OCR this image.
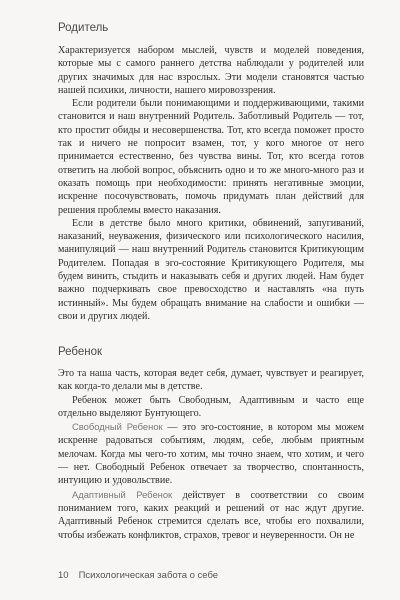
Родитель

Характеризуется набором мыслей, чувств и моделей поведения, которые мы с самого раннего детства наблюдали у родителей или других значимых для нас взрослых. Эти модели становятся частью нашей психики, личности, нашего мировоззрения.

Если родители были понимающими и поддерживающими, такими становится и наш внутренний Родитель. Заботливый Родитель — тот, кто простит обиды и несовершенства. Тот, кто всегда поможет просто так и ничего не попросит взамен, тот, у кого многое от него принимается естественно, без чувства вины. Тот, кто всегда готов ответить на любой вопрос, объяснить одно и то же много-много раз и оказать помощь при необходимости: принять негативные эмоции, искренне посочувствовать, помочь придумать план действий для решения проблемы вместо наказания.

Если в детстве было много критики, обвинений, запугиваний, наказаний, неуважения, физического или психологического насилия, манипуляций — наш внутренний Родитель становится Критикующим Родителем. Попадая в эго-состояние Критикующего Родителя, мы будем винить, стыдить и наказывать себя и других людей. Нам будет важно подчеркивать свое превосходство и наставлять «на путь истинный». Мы будем обращать внимание на слабости и ошибки — свои и других людей.

Ребенок

Это та наша часть, которая ведет себя, думает, чувствует и реагирует, как когда-то делали мы в детстве.

Ребенок может быть Свободным, Адаптивным и часто еще отдельно выделяют Бунтующего.

Свободный Ребенок — это эго-состояние, в котором мы можем искренне радоваться событиям, людям, себе, любым приятным мелочам. Когда мы чего-то хотим, мы точно знаем, что хотим, и чего — нет. Свободный Ребенок отвечает за творчество, спонтанность, интуицию и удовольствие.

Адаптивный Ребенок действует в соответствии со своим пониманием того, каких реакций и решений от нас ждут другие. Адаптивный Ребенок стремится сделать все, чтобы его похвалили, чтобы избежать конфликтов, страхов, тревог и неуверенности. Он не

10 Психологическая забота о себе
